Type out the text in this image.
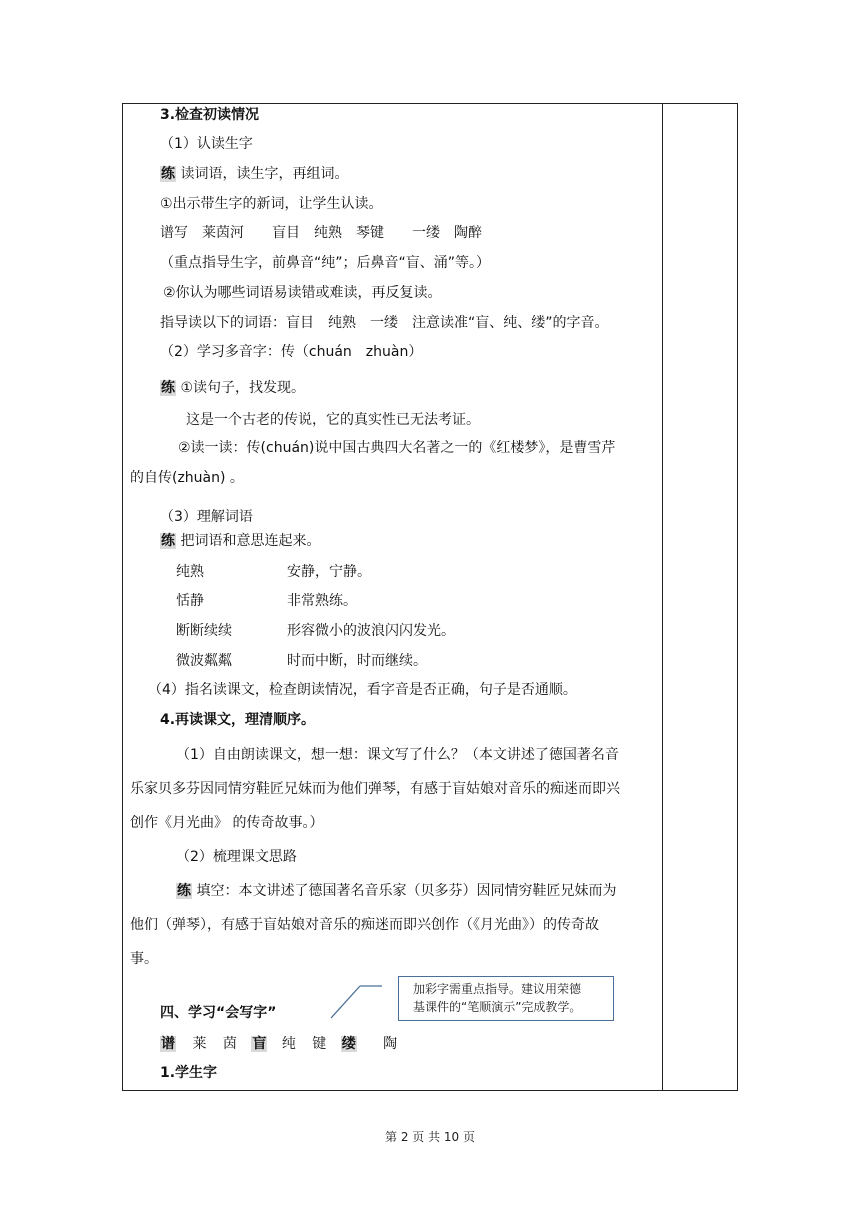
3.检查初读情况
（1）认读生字
练 读词语，读生字，再组词。
①出示带生字的新词，让学生认读。
谱写　莱茵河　　盲目　纯熟　琴键　　一缕　陶醉
（重点指导生字，前鼻音“纯”；后鼻音“盲、涌”等。）
②你认为哪些词语易读错或难读，再反复读。
指导读以下的词语：盲目　纯熟　一缕　注意读准“盲、纯、缕”的字音。
（2）学习多音字：传（chuán　zhuàn）
练 ①读句子，找发现。
这是一个古老的传说，它的真实性已无法考证。
②读一读：传(chuán)说中国古典四大名著之一的《红楼梦》，是曹雪芹
的自传(zhuàn) 。
（3）理解词语
练 把词语和意思连起来。
纯熟	安静，宁静。
恬静	非常熟练。
断断续续	形容微小的波浪闪闪发光。
微波粼粼	时而中断，时而继续。
（4）指名读课文，检查朗读情况，看字音是否正确，句子是否通顺。
4.再读课文，理清顺序。
（1）自由朗读课文，想一想：课文写了什么？（本文讲述了德国著名音
乐家贝多芬因同情穷鞋匠兄妹而为他们弹琴，有感于盲姑娘对音乐的痴迷而即兴
创作《月光曲》 的传奇故事。）
（2）梳理课文思路
练 填空：本文讲述了德国著名音乐家（贝多芬）因同情穷鞋匠兄妹而为
他们（弹琴），有感于盲姑娘对音乐的痴迷而即兴创作（《月光曲》）的传奇故
事。
四、学习“会写字”
加彩字需重点指导。建议用荣德
基课件的“笔顺演示”完成教学。
谱 莱 茵 盲 纯 键 缕 陶
1.学生字
第 2 页 共 10 页
